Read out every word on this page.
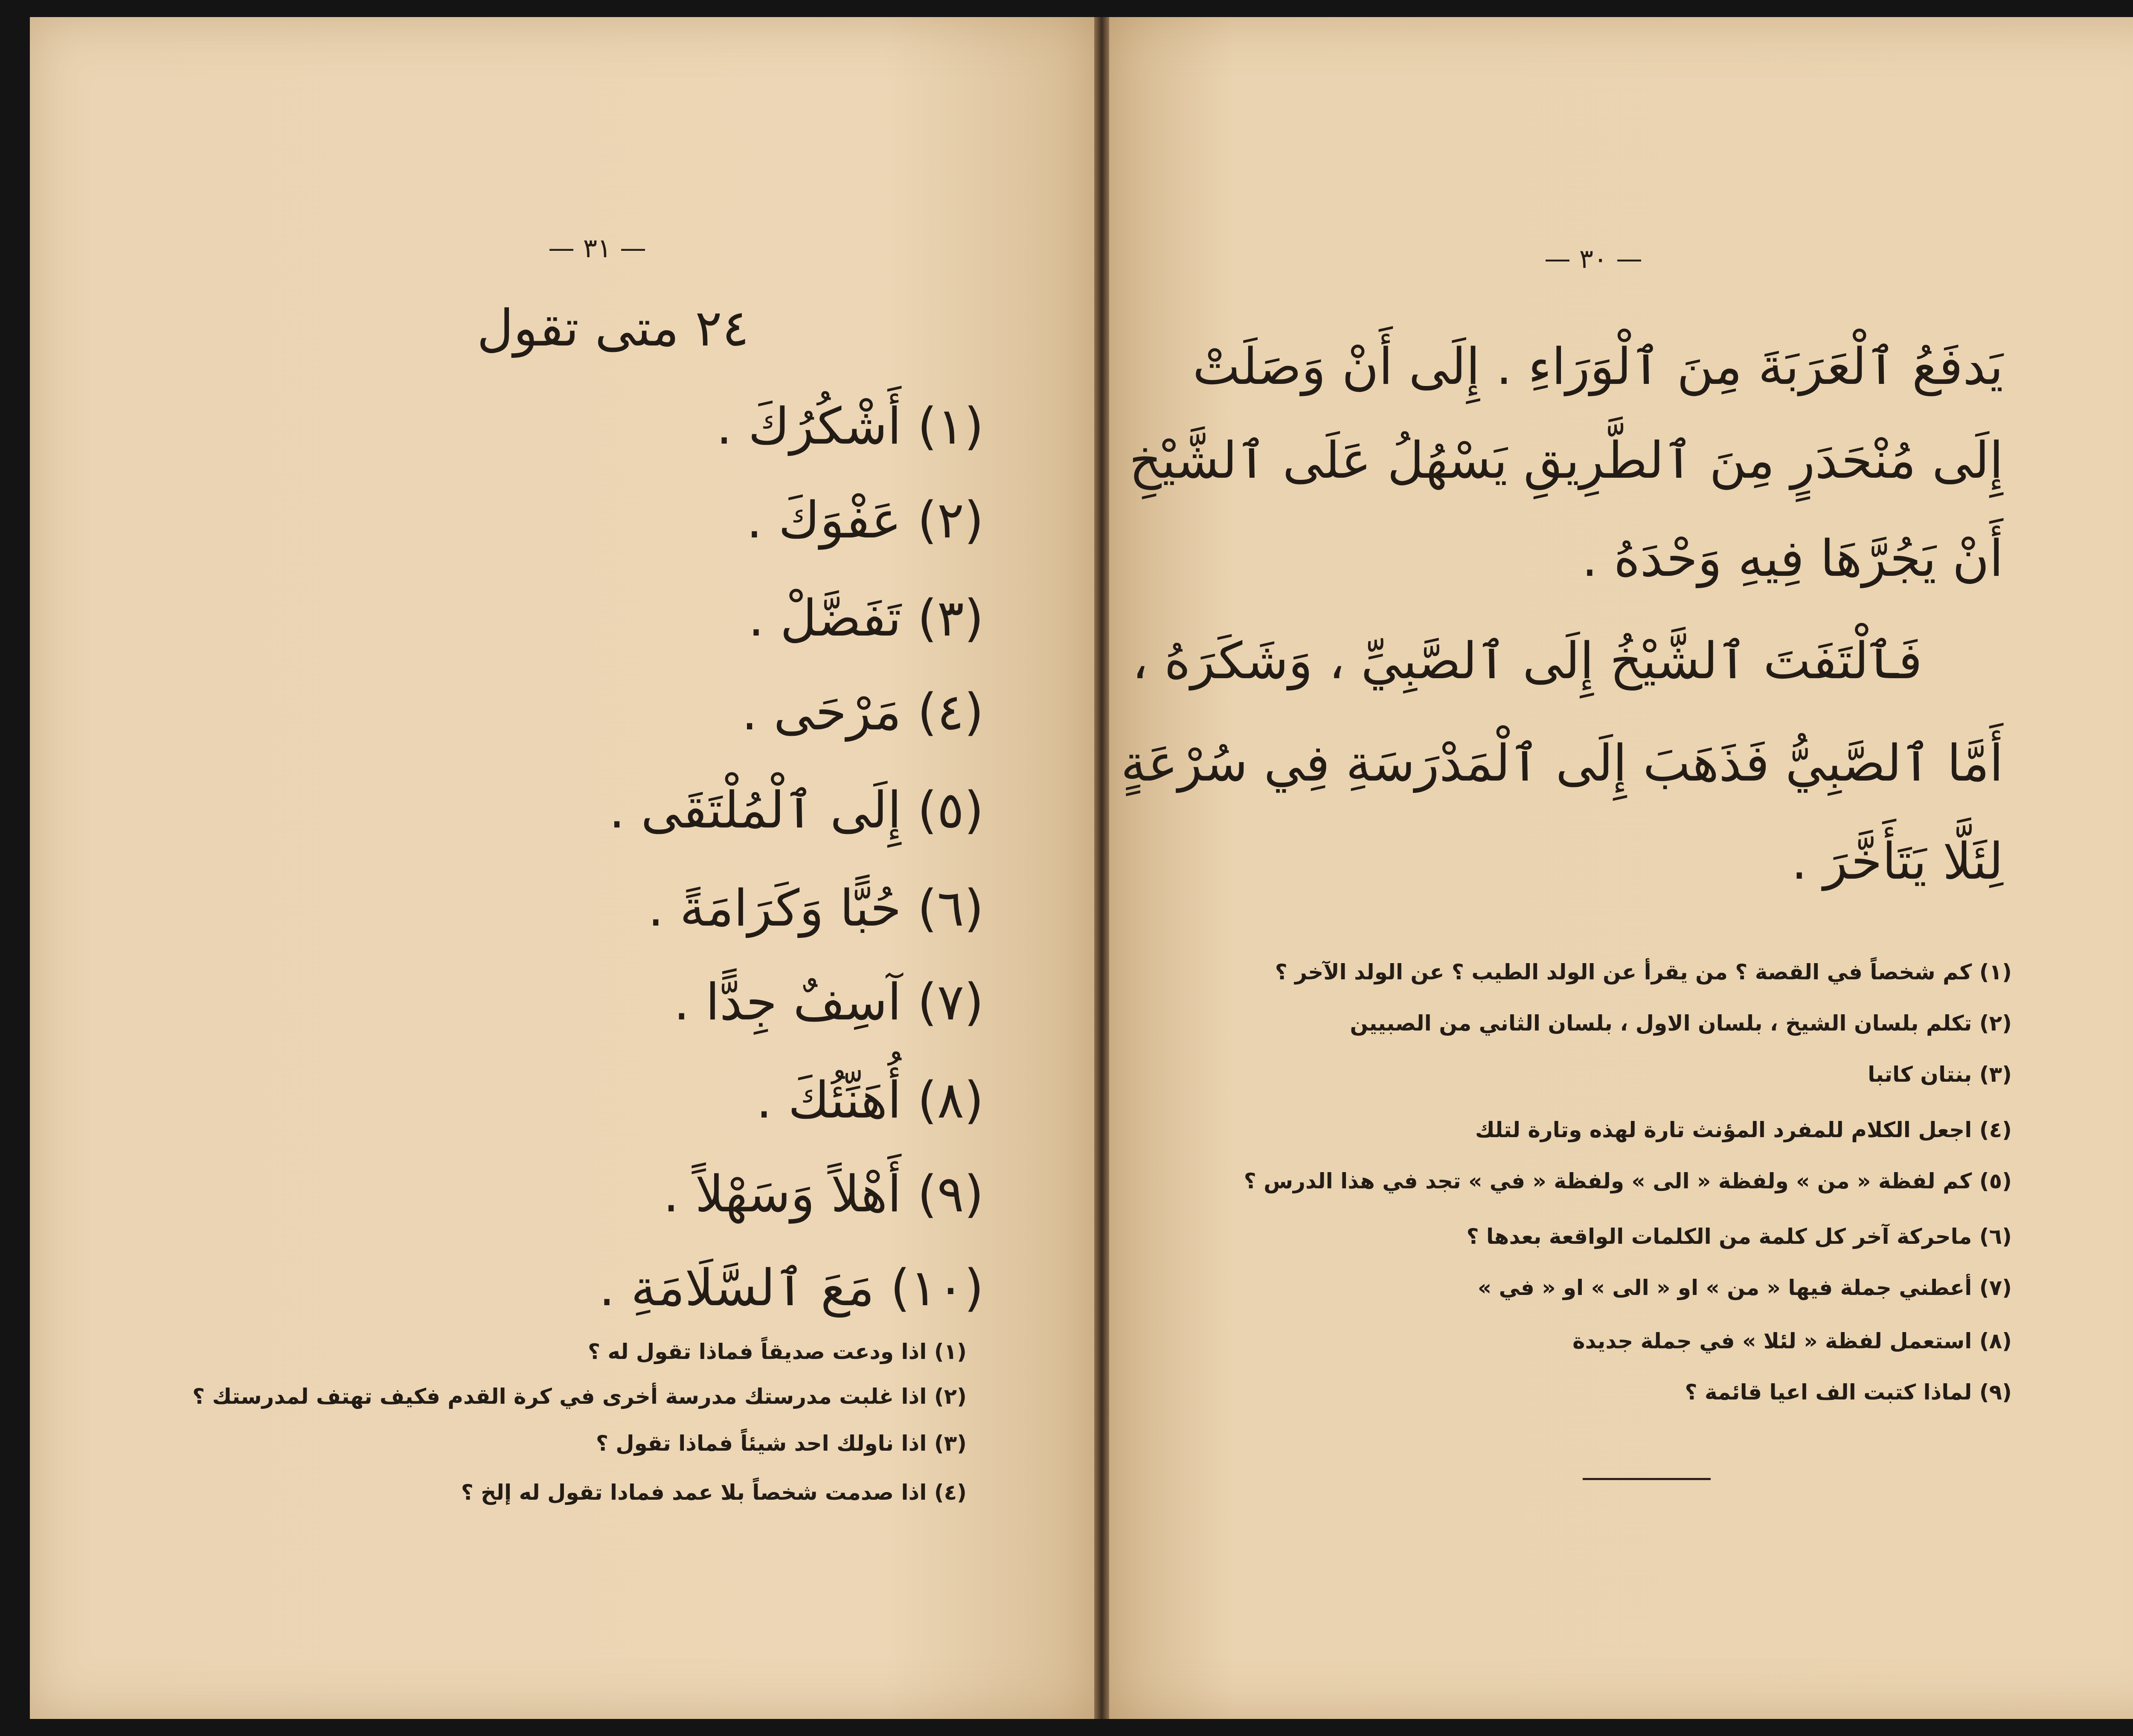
— ٣١ —
٢٤ متى تقول
(١) أَشْكُرُكَ .
(٢) عَفْوَكَ .
(٣) تَفَضَّلْ .
(٤) مَرْحَى .
(٥) إِلَى ٱلْمُلْتَقَى .
(٦) حُبًّا وَكَرَامَةً .
(٧) آسِفٌ جِدًّا .
(٨) أُهَنِّئُكَ .
(٩) أَهْلاً وَسَهْلاً .
(١٠) مَعَ ٱلسَّلَامَةِ .
(١) اذا ودعت صديقاً فماذا تقول له ؟
(٢) اذا غلبت مدرستك مدرسة أخرى في كرة القدم فكيف تهتف لمدرستك ؟
(٣) اذا ناولك احد شيئاً فماذا تقول ؟
(٤) اذا صدمت شخصاً بلا عمد فمادا تقول له إلخ ؟
— ٣٠ —
يَدفَعُ ٱلْعَرَبَةَ مِنَ ٱلْوَرَاءِ . إِلَى أَنْ وَصَلَتْ
إِلَى مُنْحَدَرٍ مِنَ ٱلطَّرِيقِ يَسْهُلُ عَلَى ٱلشَّيْخِ
أَنْ يَجُرَّهَا فِيهِ وَحْدَهُ .
فَٱلْتَفَتَ ٱلشَّيْخُ إِلَى ٱلصَّبِيِّ ، وَشَكَرَهُ ،
أَمَّا ٱلصَّبِيُّ فَذَهَبَ إِلَى ٱلْمَدْرَسَةِ فِي سُرْعَةٍ
لِئَلَّا يَتَأَخَّرَ .
(١) كم شخصاً في القصة ؟ من يقرأ عن الولد الطيب ؟ عن الولد الآخر ؟
(٢) تكلم بلسان الشيخ ، بلسان الاول ، بلسان الثاني من الصبيين
(٣) بنتان كاتبا
(٤) اجعل الكلام للمفرد المؤنث تارة لهذه وتارة لتلك
(٥) كم لفظة « من » ولفظة « الى » ولفظة « في » تجد في هذا الدرس ؟
(٦) ماحركة آخر كل كلمة من الكلمات الواقعة بعدها ؟
(٧) أعطني جملة فيها « من » او « الى » او « في »
(٨) استعمل لفظة « لئلا » في جملة جديدة
(٩) لماذا كتبت الف اعيا قائمة ؟
